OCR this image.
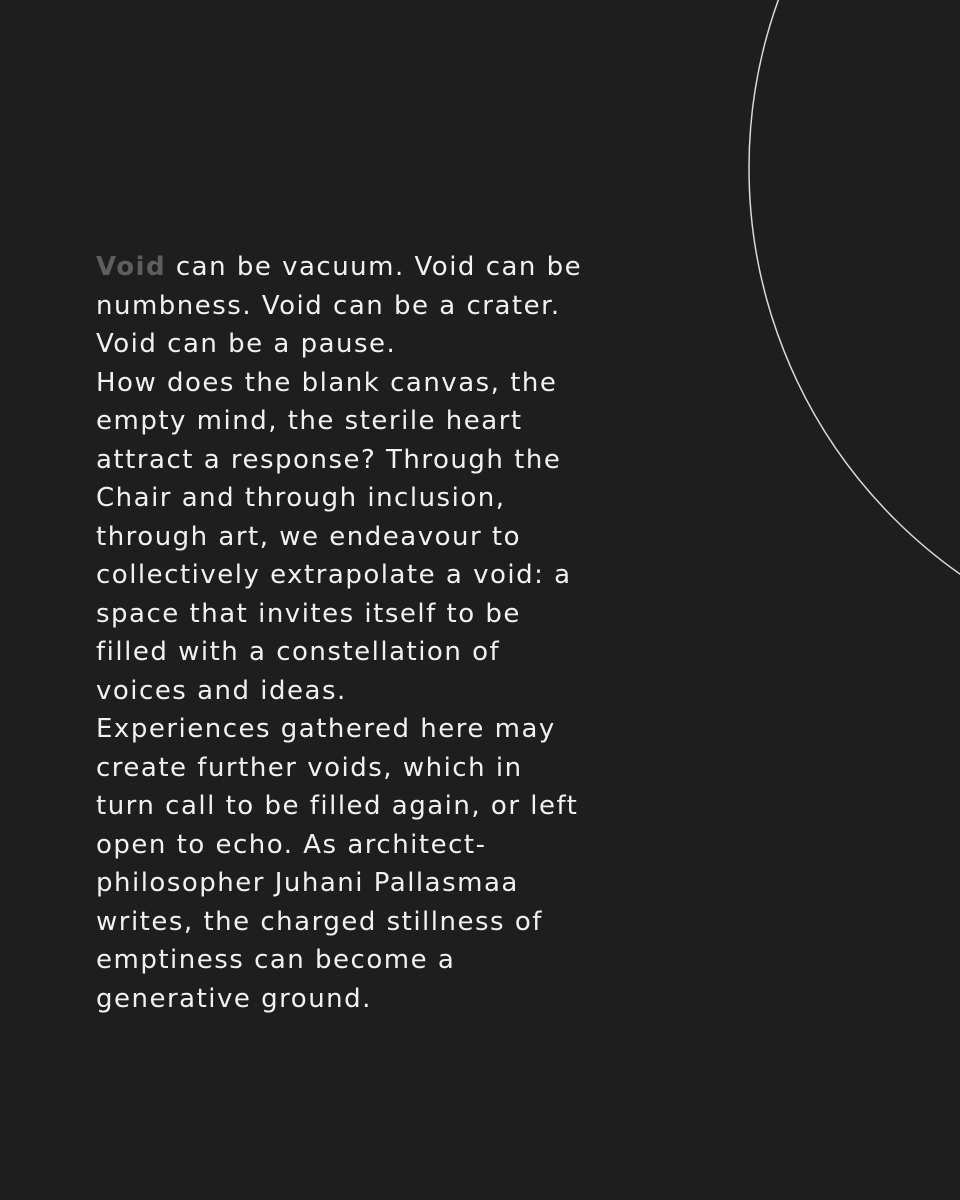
Void can be vacuum. Void can be
numbness. Void can be a crater.
Void can be a pause.

How does the blank canvas, the
empty mind, the sterile heart
attract a response? Through the
Chair and through inclusion,
through art, we endeavour to
collectively extrapolate a void: a
space that invites itself to be
filled with a constellation of
voices and ideas.

Experiences gathered here may
create further voids, which in
turn call to be filled again, or left
open to echo. As architect-
philosopher Juhani Pallasmaa
writes, the charged stillness of
emptiness can become a
generative ground.
